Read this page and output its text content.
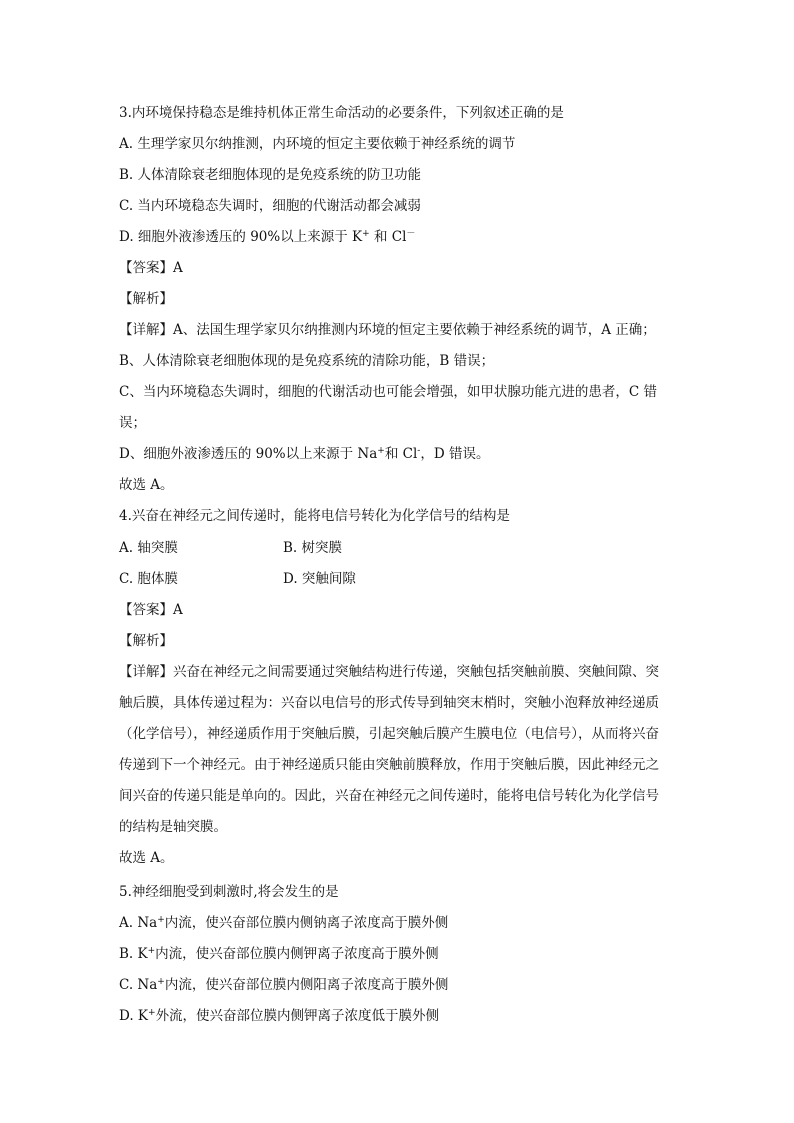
3.内环境保持稳态是维持机体正常生命活动的必要条件，下列叙述正确的是
A. 生理学家贝尔纳推测，内环境的恒定主要依赖于神经系统的调节
B. 人体清除衰老细胞体现的是免疫系统的防卫功能
C. 当内环境稳态失调时，细胞的代谢活动都会减弱
D. 细胞外液渗透压的 90%以上来源于 K+ 和 Cl－
【答案】A
【解析】
【详解】A、法国生理学家贝尔纳推测内环境的恒定主要依赖于神经系统的调节，A 正确；
B、人体清除衰老细胞体现的是免疫系统的清除功能，B 错误；
C、当内环境稳态失调时，细胞的代谢活动也可能会增强，如甲状腺功能亢进的患者，C 错
误；
D、细胞外液渗透压的 90%以上来源于 Na+和 Cl-，D 错误。
故选 A。
4.兴奋在神经元之间传递时，能将电信号转化为化学信号的结构是
A. 轴突膜	B. 树突膜
C. 胞体膜	D. 突触间隙
【答案】A
【解析】
【详解】兴奋在神经元之间需要通过突触结构进行传递，突触包括突触前膜、突触间隙、突
触后膜，具体传递过程为：兴奋以电信号的形式传导到轴突末梢时，突触小泡释放神经递质
（化学信号），神经递质作用于突触后膜，引起突触后膜产生膜电位（电信号），从而将兴奋
传递到下一个神经元。由于神经递质只能由突触前膜释放，作用于突触后膜，因此神经元之
间兴奋的传递只能是单向的。因此，兴奋在神经元之间传递时，能将电信号转化为化学信号
的结构是轴突膜。
故选 A。
5.神经细胞受到刺激时,将会发生的是
A. Na+内流，使兴奋部位膜内侧钠离子浓度高于膜外侧
B. K+内流，使兴奋部位膜内侧钾离子浓度高于膜外侧
C. Na+内流，使兴奋部位膜内侧阳离子浓度高于膜外侧
D. K+外流，使兴奋部位膜内侧钾离子浓度低于膜外侧
